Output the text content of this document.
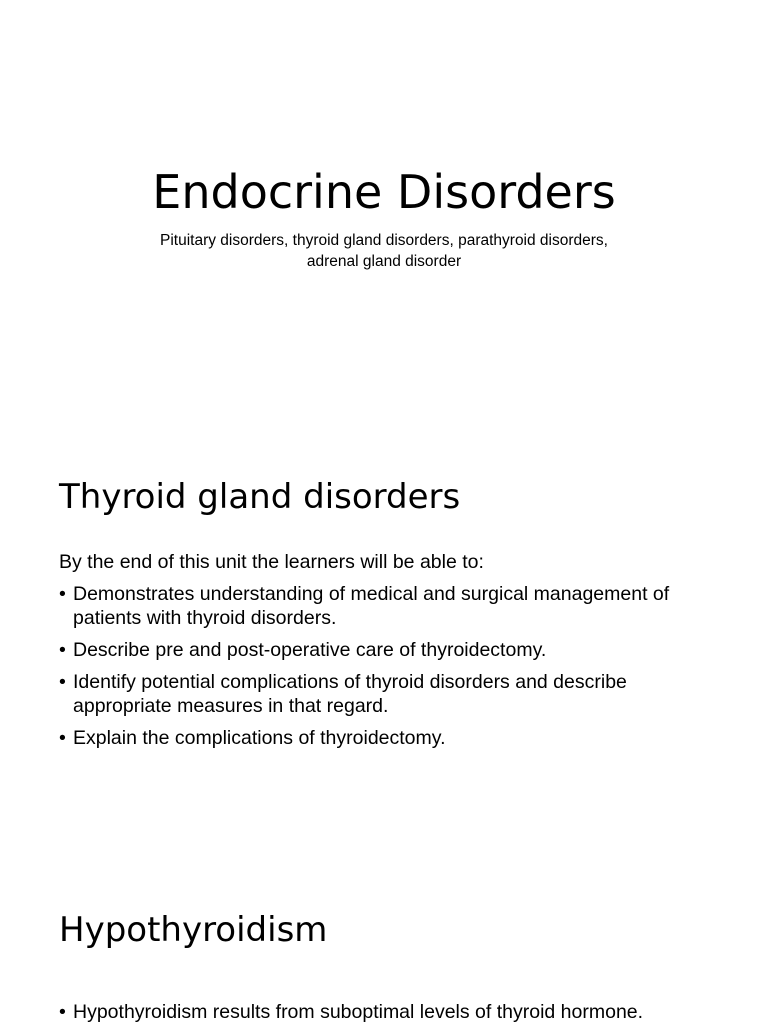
Endocrine Disorders

Pituitary disorders, thyroid gland disorders, parathyroid disorders,
adrenal gland disorder

Thyroid gland disorders

By the end of this unit the learners will be able to:

• Demonstrates understanding of medical and surgical management of patients with thyroid disorders.
• Describe pre and post-operative care of thyroidectomy.
• Identify potential complications of thyroid disorders and describe appropriate measures in that regard.
• Explain the complications of thyroidectomy.
Hypothyroidism
• Hypothyroidism results from suboptimal levels of thyroid hormone.
